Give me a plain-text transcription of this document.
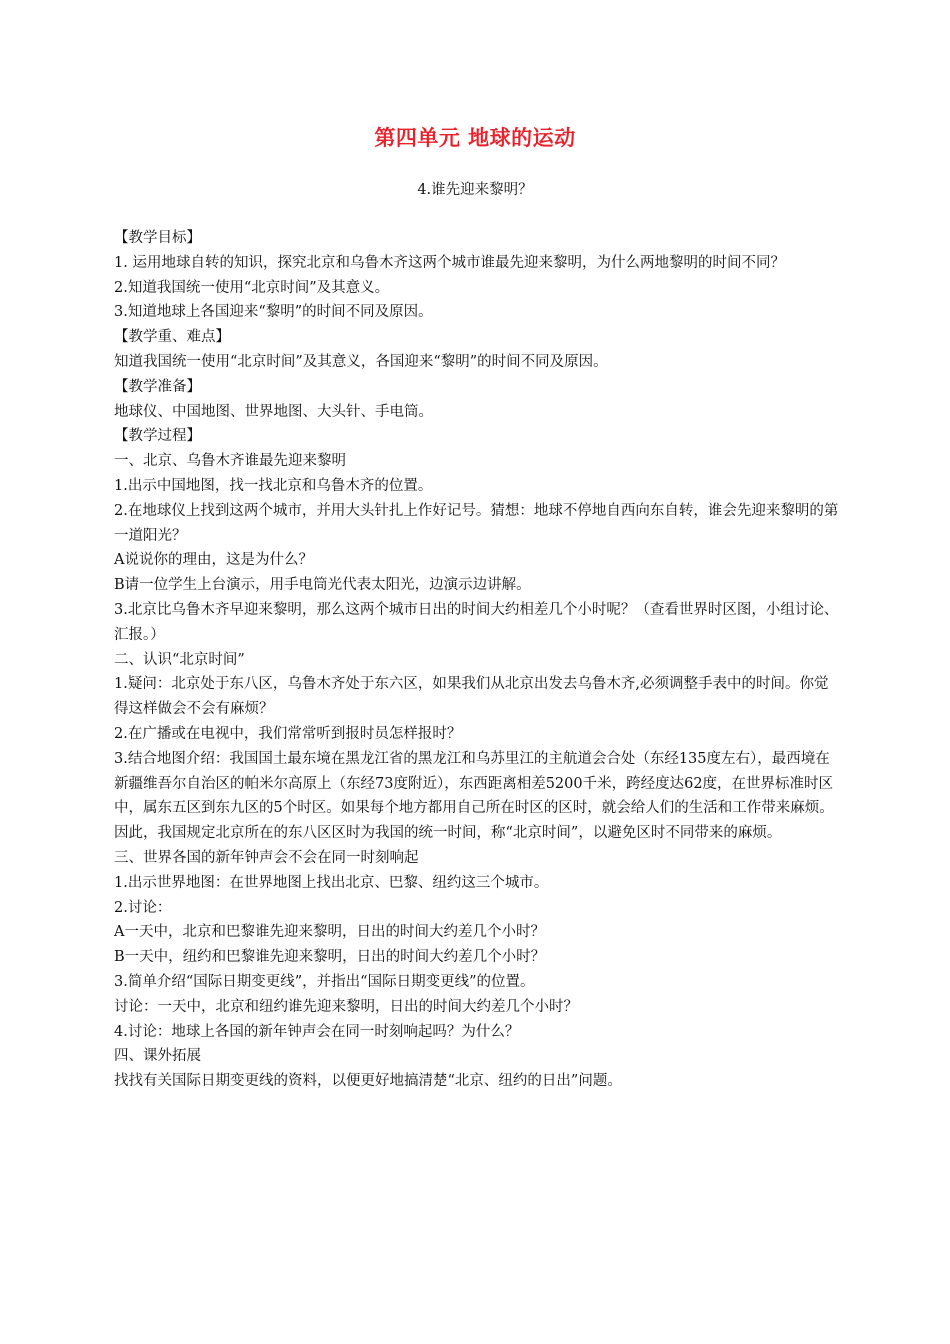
第四单元 地球的运动
4.谁先迎来黎明？

【教学目标】

1. 运用地球自转的知识，探究北京和乌鲁木齐这两个城市谁最先迎来黎明，为什么两地黎明的时间不同？

2.知道我国统一使用“北京时间”及其意义。

3.知道地球上各国迎来“黎明”的时间不同及原因。

【教学重、难点】

知道我国统一使用“北京时间”及其意义，各国迎来“黎明”的时间不同及原因。

【教学准备】

地球仪、中国地图、世界地图、大头针、手电筒。

【教学过程】

一、北京、乌鲁木齐谁最先迎来黎明

1.出示中国地图，找一找北京和乌鲁木齐的位置。

2.在地球仪上找到这两个城市，并用大头针扎上作好记号。猜想：地球不停地自西向东自转，谁会先迎来黎明的第一道阳光？

A说说你的理由，这是为什么？

B请一位学生上台演示，用手电筒光代表太阳光，边演示边讲解。

3.北京比乌鲁木齐早迎来黎明，那么这两个城市日出的时间大约相差几个小时呢？（查看世界时区图，小组讨论、汇报。）

二、认识“北京时间”

1.疑问：北京处于东八区，乌鲁木齐处于东六区，如果我们从北京出发去乌鲁木齐,必须调整手表中的时间。你觉得这样做会不会有麻烦？

2.在广播或在电视中，我们常常听到报时员怎样报时？

3.结合地图介绍：我国国土最东境在黑龙江省的黑龙江和乌苏里江的主航道会合处（东经135度左右），最西境在新疆维吾尔自治区的帕米尔高原上（东经73度附近），东西距离相差5200千米，跨经度达62度，在世界标准时区中，属东五区到东九区的5个时区。如果每个地方都用自己所在时区的区时，就会给人们的生活和工作带来麻烦。因此，我国规定北京所在的东八区区时为我国的统一时间，称“北京时间”，以避免区时不同带来的麻烦。

三、世界各国的新年钟声会不会在同一时刻响起

1.出示世界地图：在世界地图上找出北京、巴黎、纽约这三个城市。

2.讨论：

A一天中，北京和巴黎谁先迎来黎明，日出的时间大约差几个小时？

B一天中，纽约和巴黎谁先迎来黎明，日出的时间大约差几个小时？

3.简单介绍“国际日期变更线”，并指出“国际日期变更线”的位置。

讨论：一天中，北京和纽约谁先迎来黎明，日出的时间大约差几个小时？

4.讨论：地球上各国的新年钟声会在同一时刻响起吗？为什么？

四、课外拓展

找找有关国际日期变更线的资料，以便更好地搞清楚“北京、纽约的日出”问题。
